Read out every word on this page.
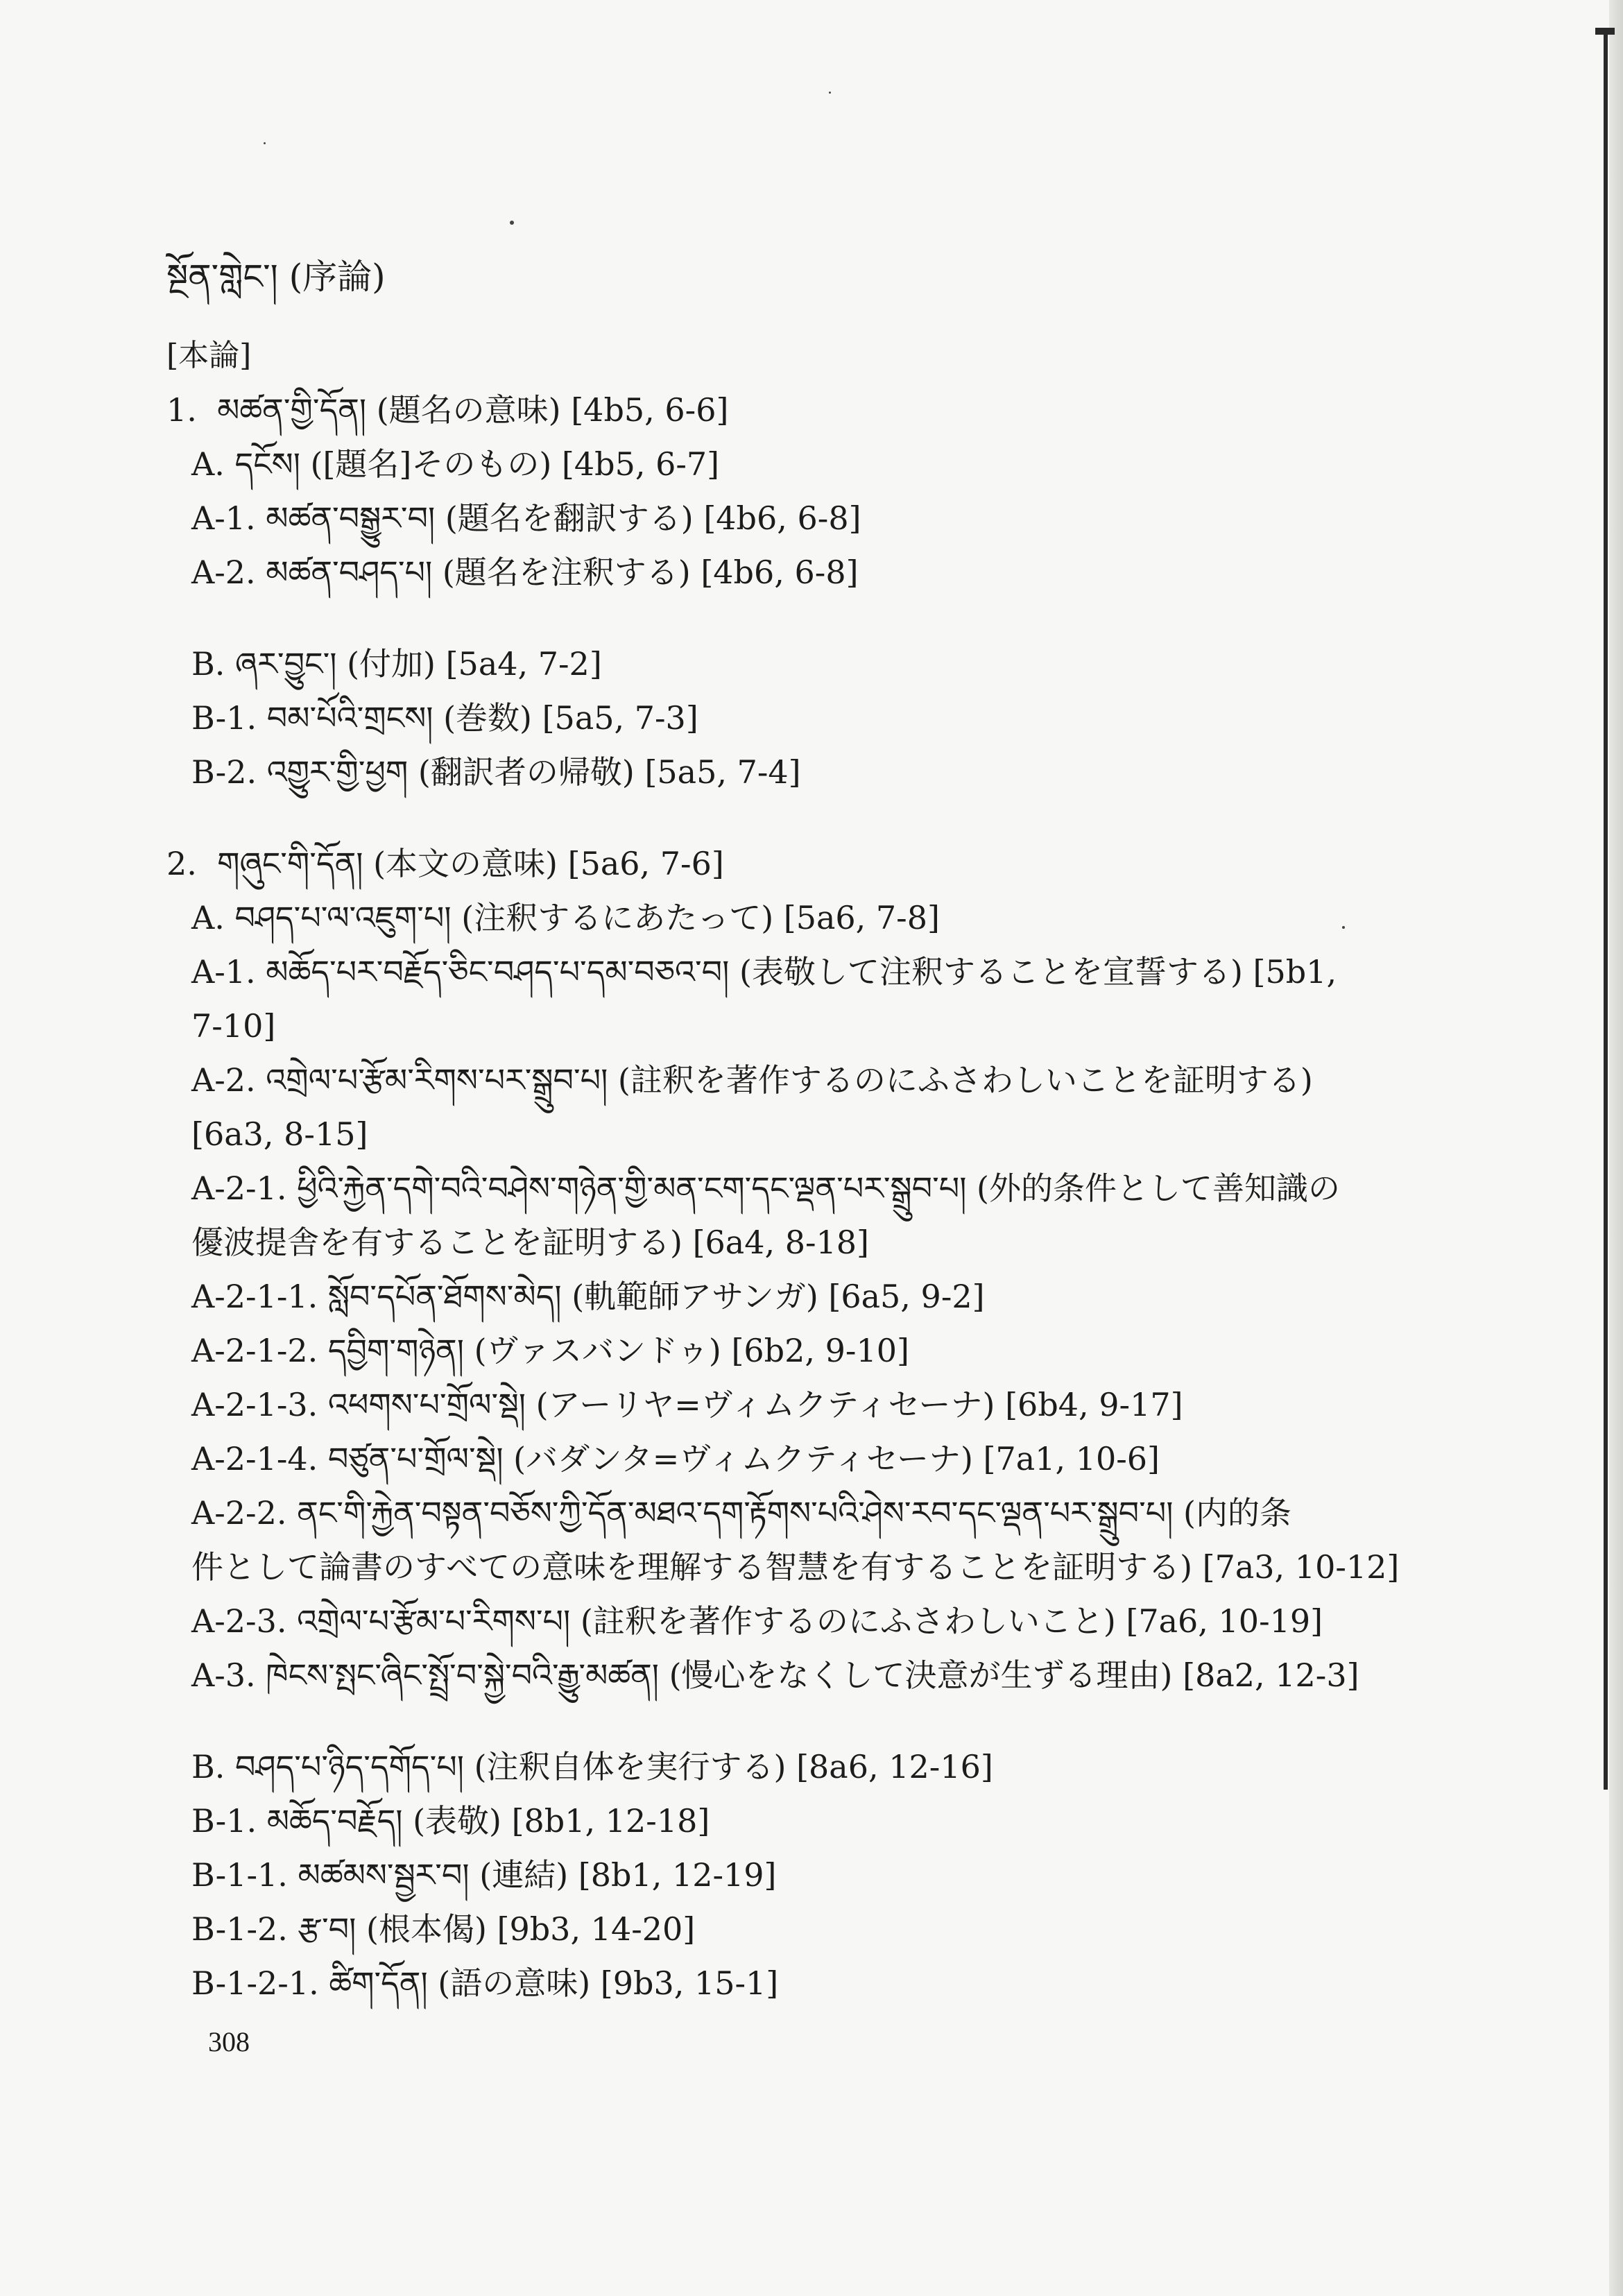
སྔོན་གླེང་། (序論)
[本論]
1.  མཚན་གྱི་དོན། (題名の意味) [4b5, 6-6]
A. དངོས། ([題名]そのもの) [4b5, 6-7]
A-1. མཚན་བསྒྱུར་བ། (題名を翻訳する) [4b6, 6-8]
A-2. མཚན་བཤད་པ། (題名を注釈する) [4b6, 6-8]
B. ཞར་བྱུང་། (付加) [5a4, 7-2]
B-1. བམ་པོའི་གྲངས། (巻数) [5a5, 7-3]
B-2. འགྱུར་གྱི་ཕྱག (翻訳者の帰敬) [5a5, 7-4]
2.  གཞུང་གི་དོན། (本文の意味) [5a6, 7-6]
A. བཤད་པ་ལ་འཇུག་པ། (注釈するにあたって) [5a6, 7-8]
A-1. མཆོད་པར་བརྗོད་ཅིང་བཤད་པ་དམ་བཅའ་བ། (表敬して注釈することを宣誓する) [5b1,
7-10]
A-2. འགྲེལ་པ་རྩོམ་རིགས་པར་སྒྲུབ་པ། (註釈を著作するのにふさわしいことを証明する)
[6a3, 8-15]
A-2-1. ཕྱིའི་རྐྱེན་དགེ་བའི་བཤེས་གཉེན་གྱི་མན་ངག་དང་ལྡན་པར་སྒྲུབ་པ། (外的条件として善知識の
優波提舎を有することを証明する) [6a4, 8-18]
A-2-1-1. སློབ་དཔོན་ཐོགས་མེད། (軌範師アサンガ) [6a5, 9-2]
A-2-1-2. དབྱིག་གཉེན། (ヴァスバンドゥ) [6b2, 9-10]
A-2-1-3. འཕགས་པ་གྲོལ་སྡེ། (アーリヤ=ヴィムクティセーナ) [6b4, 9-17]
A-2-1-4. བཙུན་པ་གྲོལ་སྡེ། (バダンタ=ヴィムクティセーナ) [7a1, 10-6]
A-2-2. ནང་གི་རྐྱེན་བསྟན་བཅོས་ཀྱི་དོན་མཐའ་དག་རྟོགས་པའི་ཤེས་རབ་དང་ལྡན་པར་སྒྲུབ་པ། (内的条
件として論書のすべての意味を理解する智慧を有することを証明する) [7a3, 10-12]
A-2-3. འགྲེལ་པ་རྩོམ་པ་རིགས་པ། (註釈を著作するのにふさわしいこと) [7a6, 10-19]
A-3. ཁེངས་སྤང་ཞིང་སྤྲོ་བ་སྐྱེ་བའི་རྒྱུ་མཚན། (慢心をなくして決意が生ずる理由) [8a2, 12-3]
B. བཤད་པ་ཉིད་དགོད་པ། (注釈自体を実行する) [8a6, 12-16]
B-1. མཆོད་བརྗོད། (表敬) [8b1, 12-18]
B-1-1. མཚམས་སྦྱར་བ། (連結) [8b1, 12-19]
B-1-2. རྩ་བ། (根本偈) [9b3, 14-20]
B-1-2-1. ཚིག་དོན། (語の意味) [9b3, 15-1]
308
